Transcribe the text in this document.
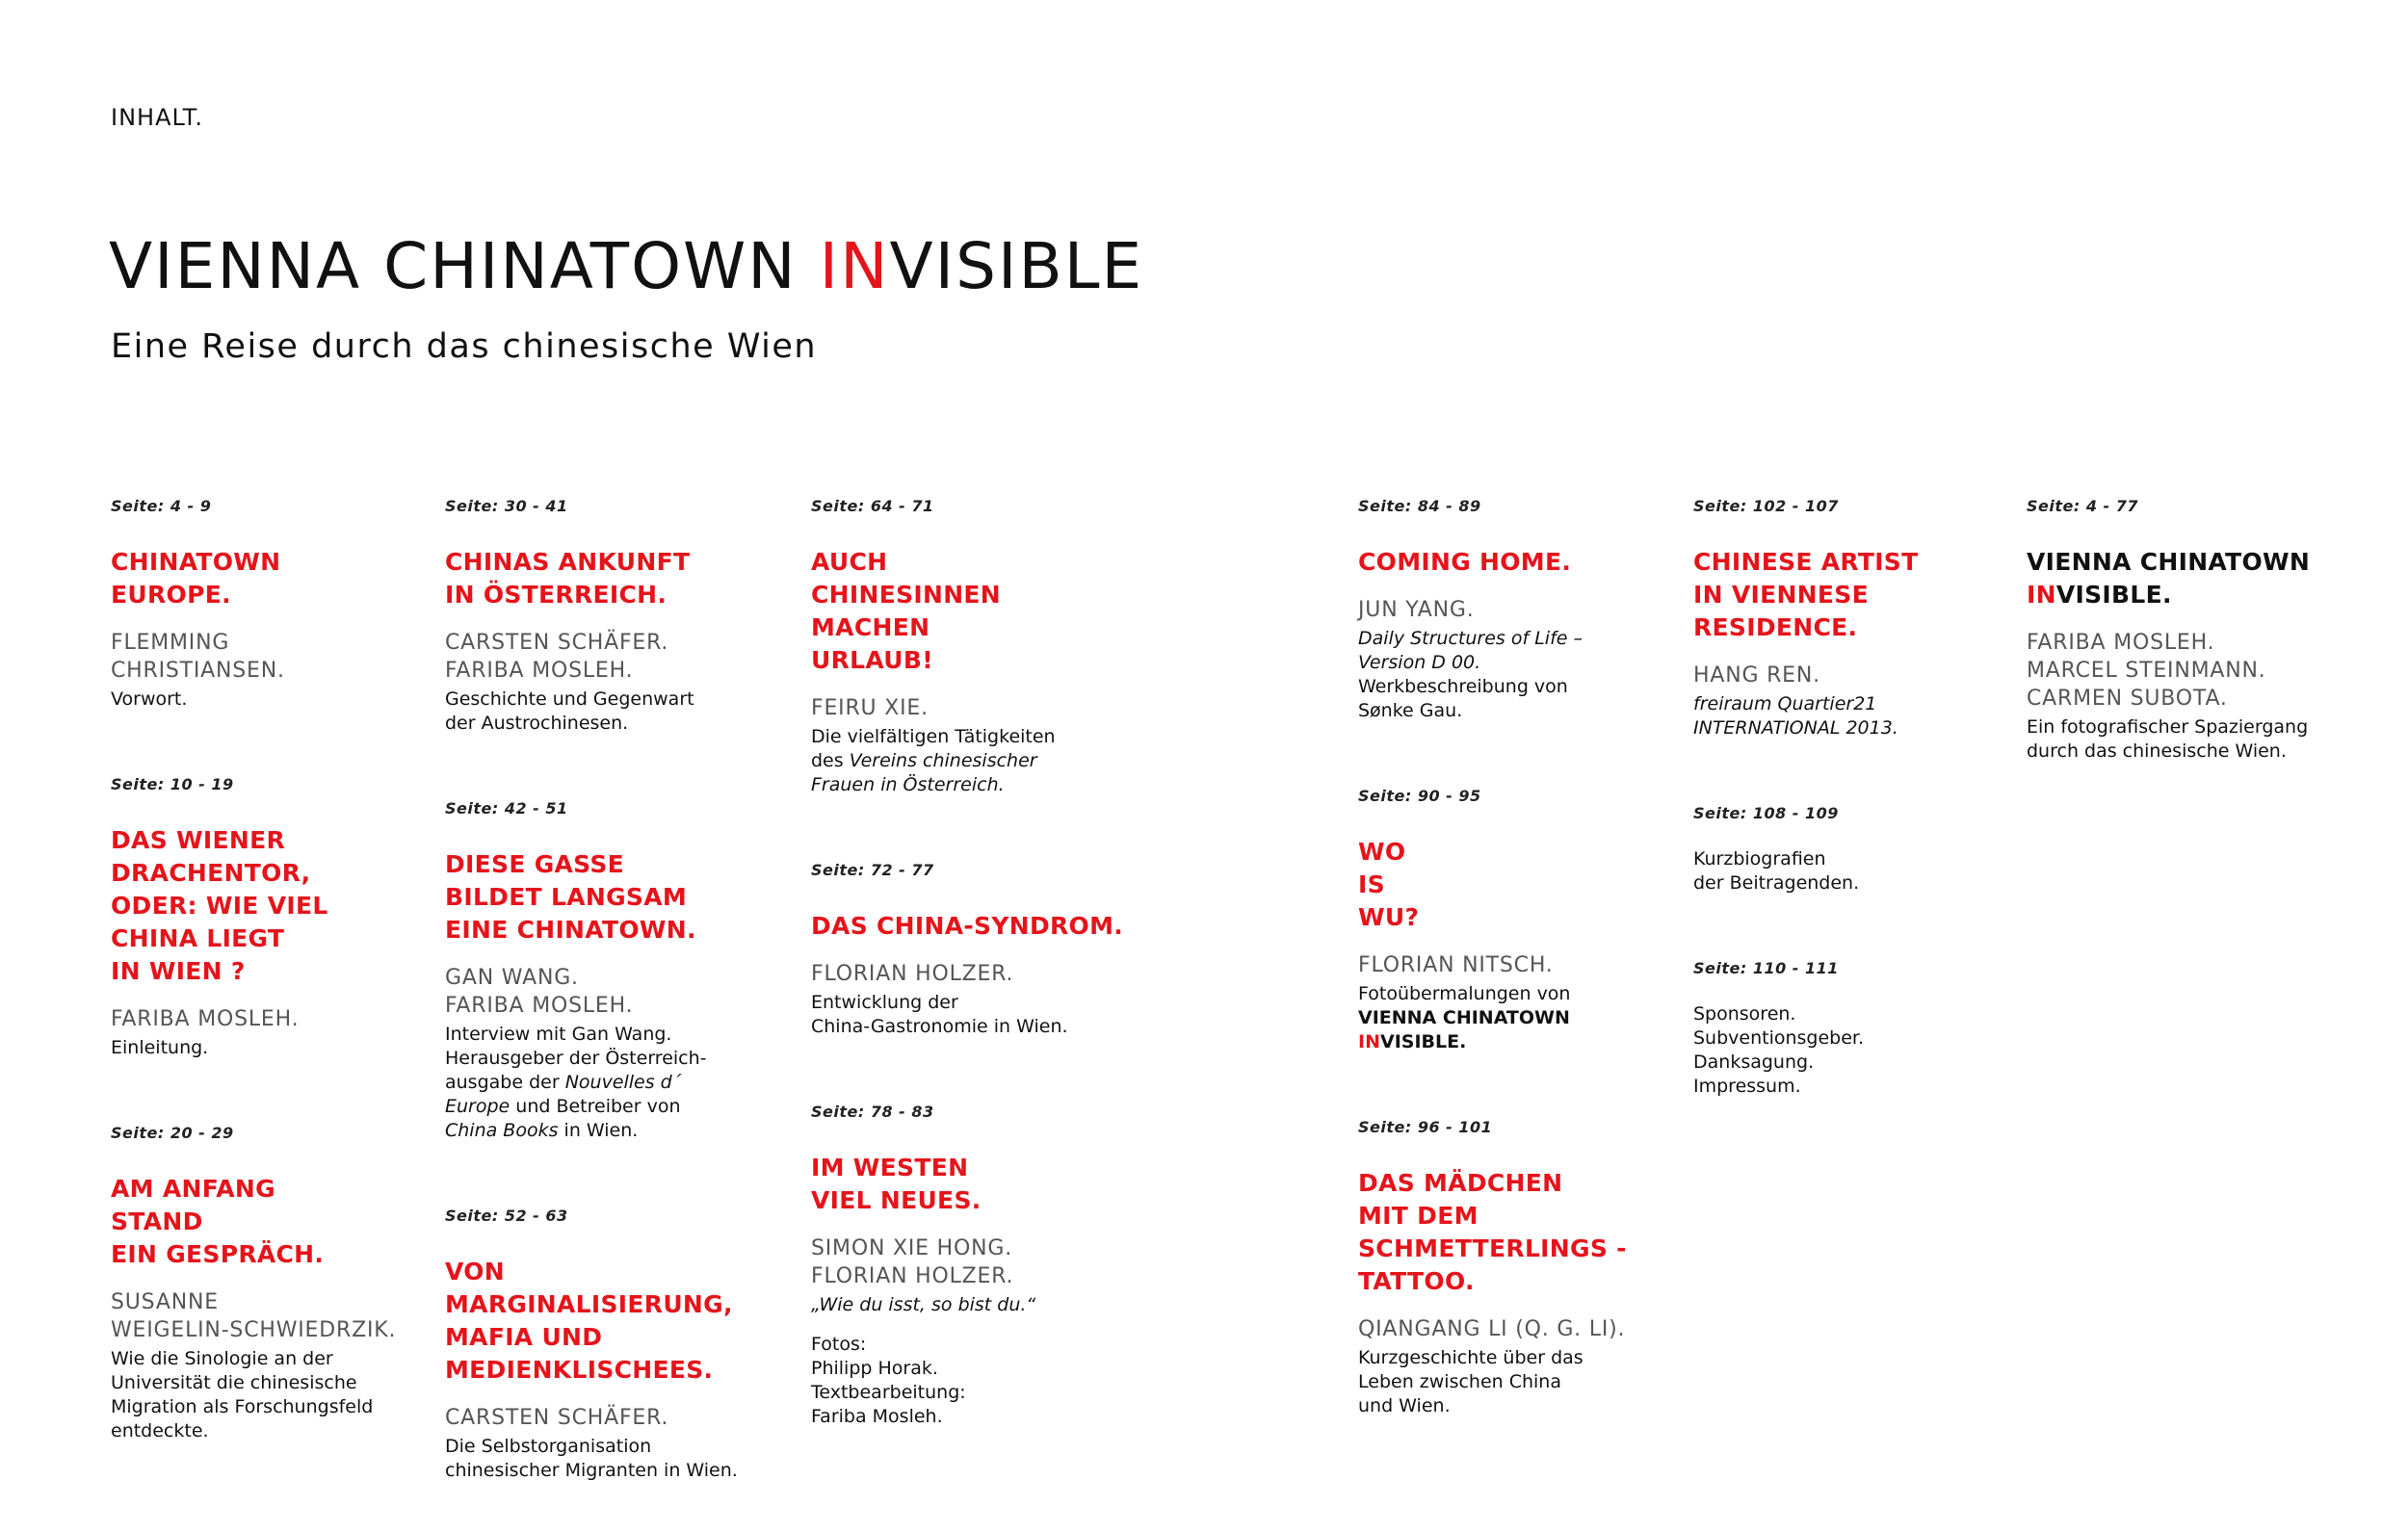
INHALT.
VIENNA CHINATOWN INVISIBLE
Eine Reise durch das chinesische Wien
Seite: 4 - 9
CHINATOWN
EUROPE.
FLEMMING
CHRISTIANSEN.
Vorwort.
Seite: 10 - 19
DAS WIENER
DRACHENTOR,
ODER: WIE VIEL
CHINA LIEGT
IN WIEN ?
FARIBA MOSLEH.
Einleitung.
Seite: 20 - 29
AM ANFANG
STAND
EIN GESPRÄCH.
SUSANNE
WEIGELIN-SCHWIEDRZIK.
Wie die Sinologie an der
Universität die chinesische
Migration als Forschungsfeld
entdeckte.
Seite: 30 - 41
CHINAS ANKUNFT
IN ÖSTERREICH.
CARSTEN SCHÄFER.
FARIBA MOSLEH.
Geschichte und Gegenwart
der Austrochinesen.
Seite: 42 - 51
DIESE GASSE
BILDET LANGSAM
EINE CHINATOWN.
GAN WANG.
FARIBA MOSLEH.
Interview mit Gan Wang.
Herausgeber der Österreich-
ausgabe der Nouvelles d´
Europe und Betreiber von
China Books in Wien.
Seite: 52 - 63
VON MARGINALISIERUNG,
MAFIA UND
MEDIENKLISCHEES.
CARSTEN SCHÄFER.
Die Selbstorganisation
chinesischer Migranten in Wien.
Seite: 64 - 71
AUCH
CHINESINNEN
MACHEN
URLAUB!
FEIRU XIE.
Die vielfältigen Tätigkeiten
des Vereins chinesischer
Frauen in Österreich.
Seite: 72 - 77
DAS CHINA-SYNDROM.
FLORIAN HOLZER.
Entwicklung der
China-Gastronomie in Wien.
Seite: 78 - 83
IM WESTEN
VIEL NEUES.
SIMON XIE HONG.
FLORIAN HOLZER.
„Wie du isst, so bist du.“
Fotos:
Philipp Horak.
Textbearbeitung:
Fariba Mosleh.
Seite: 84 - 89
COMING HOME.
JUN YANG.
Daily Structures of Life –
Version D 00.
Werkbeschreibung von
Sønke Gau.
Seite: 90 - 95
WO
IS
WU?
FLORIAN NITSCH.
Fotoübermalungen von
VIENNA CHINATOWN
INVISIBLE.
Seite: 96 - 101
DAS MÄDCHEN
MIT DEM
SCHMETTERLINGS -
TATTOO.
QIANGANG LI (Q. G. LI).
Kurzgeschichte über das
Leben zwischen China
und Wien.
Seite: 102 - 107
CHINESE ARTIST
IN VIENNESE
RESIDENCE.
HANG REN.
freiraum Quartier21
INTERNATIONAL 2013.
Seite: 108 - 109
Kurzbiografien
der Beitragenden.
Seite: 110 - 111
Sponsoren.
Subventionsgeber.
Danksagung.
Impressum.
Seite: 4 - 77
VIENNA CHINATOWN
INVISIBLE.
FARIBA MOSLEH.
MARCEL STEINMANN.
CARMEN SUBOTA.
Ein fotografischer Spaziergang
durch das chinesische Wien.
